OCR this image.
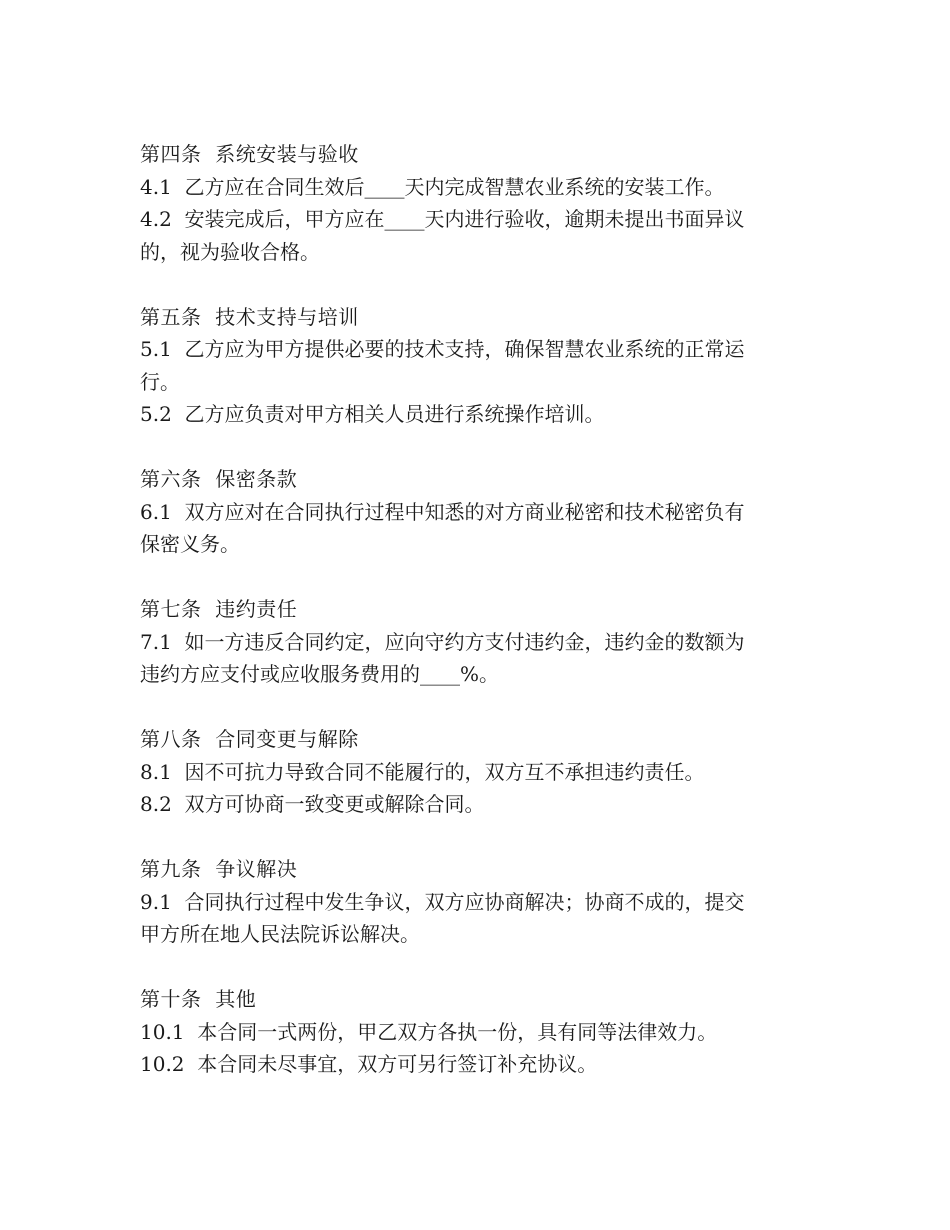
第四条  系统安装与验收

4.1  乙方应在合同生效后____天内完成智慧农业系统的安装工作。

4.2  安装完成后，甲方应在____天内进行验收，逾期未提出书面异议

的，视为验收合格。

第五条  技术支持与培训

5.1  乙方应为甲方提供必要的技术支持，确保智慧农业系统的正常运

行。

5.2  乙方应负责对甲方相关人员进行系统操作培训。

第六条  保密条款

6.1  双方应对在合同执行过程中知悉的对方商业秘密和技术秘密负有

保密义务。

第七条  违约责任

7.1  如一方违反合同约定，应向守约方支付违约金，违约金的数额为

违约方应支付或应收服务费用的____%。

第八条  合同变更与解除

8.1  因不可抗力导致合同不能履行的，双方互不承担违约责任。

8.2  双方可协商一致变更或解除合同。

第九条  争议解决

9.1  合同执行过程中发生争议，双方应协商解决；协商不成的，提交

甲方所在地人民法院诉讼解决。

第十条  其他

10.1  本合同一式两份，甲乙双方各执一份，具有同等法律效力。

10.2  本合同未尽事宜，双方可另行签订补充协议。
